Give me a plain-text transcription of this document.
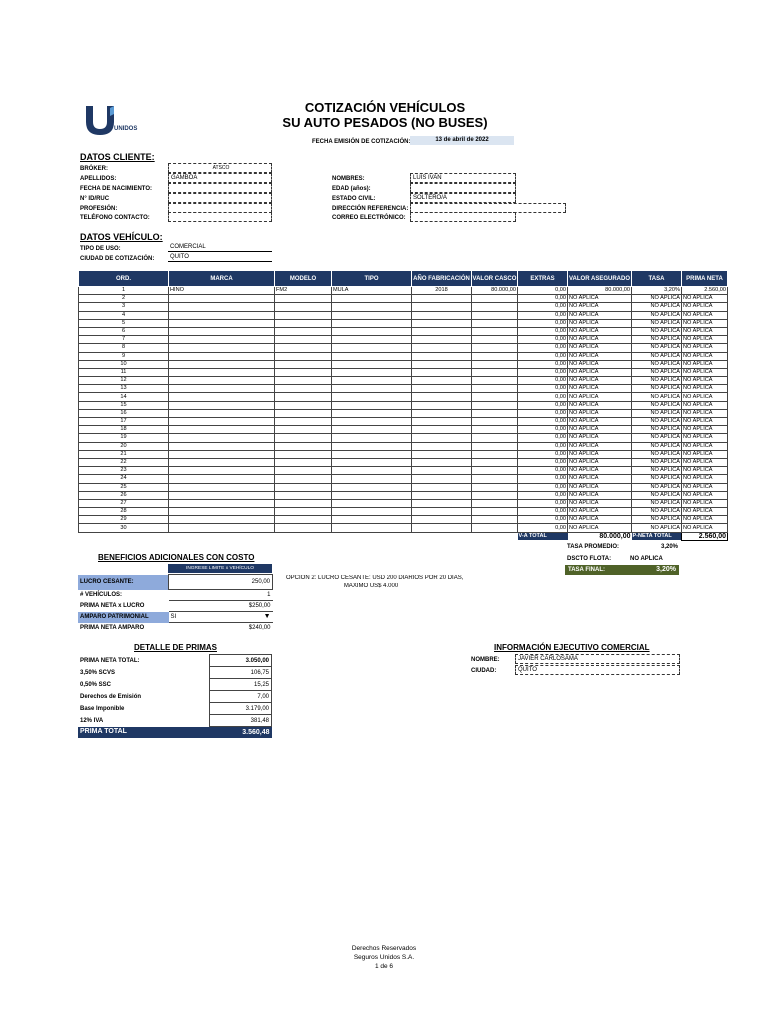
UNIDOS
COTIZACIÓN VEHÍCULOS
SU AUTO PESADOS (NO BUSES)
FECHA EMISIÓN DE COTIZACIÓN:	13 de abril de 2022
DATOS CLIENTE:
BRÓKER:	ATSCO
APELLIDOS:	GAMBOA
FECHA DE NACIMIENTO:
N° ID/RUC
PROFESIÓN:
TELÉFONO CONTACTO:
NOMBRES:	LUIS IVAN
EDAD (años):
ESTADO CIVIL:	SOLTERO/A
DIRECCIÓN REFERENCIA:
CORREO ELECTRÓNICO:
DATOS VEHÍCULO:
TIPO DE USO:	COMERCIAL
CIUDAD DE COTIZACIÓN:	QUITO
ORD.	MARCA	MODELO	TIPO	AÑO FABRICACIÓN	VALOR CASCO	EXTRAS	VALOR ASEGURADO	TASA	PRIMA NETA
1	HINO	FM2	MULA	2018	80.000,00	0,00	80.000,00	3,20%	2.560,00
2						0,00	NO APLICA	NO APLICA	NO APLICA
3						0,00	NO APLICA	NO APLICA	NO APLICA
4						0,00	NO APLICA	NO APLICA	NO APLICA
5						0,00	NO APLICA	NO APLICA	NO APLICA
6						0,00	NO APLICA	NO APLICA	NO APLICA
7						0,00	NO APLICA	NO APLICA	NO APLICA
8						0,00	NO APLICA	NO APLICA	NO APLICA
9						0,00	NO APLICA	NO APLICA	NO APLICA
10						0,00	NO APLICA	NO APLICA	NO APLICA
11						0,00	NO APLICA	NO APLICA	NO APLICA
12						0,00	NO APLICA	NO APLICA	NO APLICA
13						0,00	NO APLICA	NO APLICA	NO APLICA
14						0,00	NO APLICA	NO APLICA	NO APLICA
15						0,00	NO APLICA	NO APLICA	NO APLICA
16						0,00	NO APLICA	NO APLICA	NO APLICA
17						0,00	NO APLICA	NO APLICA	NO APLICA
18						0,00	NO APLICA	NO APLICA	NO APLICA
19						0,00	NO APLICA	NO APLICA	NO APLICA
20						0,00	NO APLICA	NO APLICA	NO APLICA
21						0,00	NO APLICA	NO APLICA	NO APLICA
22						0,00	NO APLICA	NO APLICA	NO APLICA
23						0,00	NO APLICA	NO APLICA	NO APLICA
24						0,00	NO APLICA	NO APLICA	NO APLICA
25						0,00	NO APLICA	NO APLICA	NO APLICA
26						0,00	NO APLICA	NO APLICA	NO APLICA
27						0,00	NO APLICA	NO APLICA	NO APLICA
28						0,00	NO APLICA	NO APLICA	NO APLICA
29						0,00	NO APLICA	NO APLICA	NO APLICA
30						0,00	NO APLICA	NO APLICA	NO APLICA
						V-A TOTAL	80.000,00	P-NETA TOTAL	2.560,00
TASA PROMEDIO:	3,20%
DSCTO FLOTA:	NO APLICA
TASA FINAL:	3,20%
BENEFICIOS ADICIONALES CON COSTO
INGRESE LIMITE x VEHÍCULO
LUCRO CESANTE:	250,00
# VEHÍCULOS:	1
PRIMA NETA x LUCRO	$250,00
AMPARO PATRIMONIAL	SI ▼

PRIMA NETA AMPARO	$240,00
OPCIÓN 2: LUCRO CESANTE: USD 200 DIARIOS POR 20 DÍAS,
MÁXIMO US$ 4.000
DETALLE DE PRIMAS
PRIMA NETA TOTAL:	3.050,00
3,50% SCVS	106,75
0,50% SSC	15,25
Derechos de Emisión	7,00
Base Imponible	3.179,00
12% IVA	381,48
PRIMA TOTAL	3.560,48
INFORMACIÓN EJECUTIVO COMERCIAL
NOMBRE:	JAVIER CARLOSAMA
CIUDAD:	QUITO
Derechos Reservados
Seguros Unidos S.A.
1 de 6
